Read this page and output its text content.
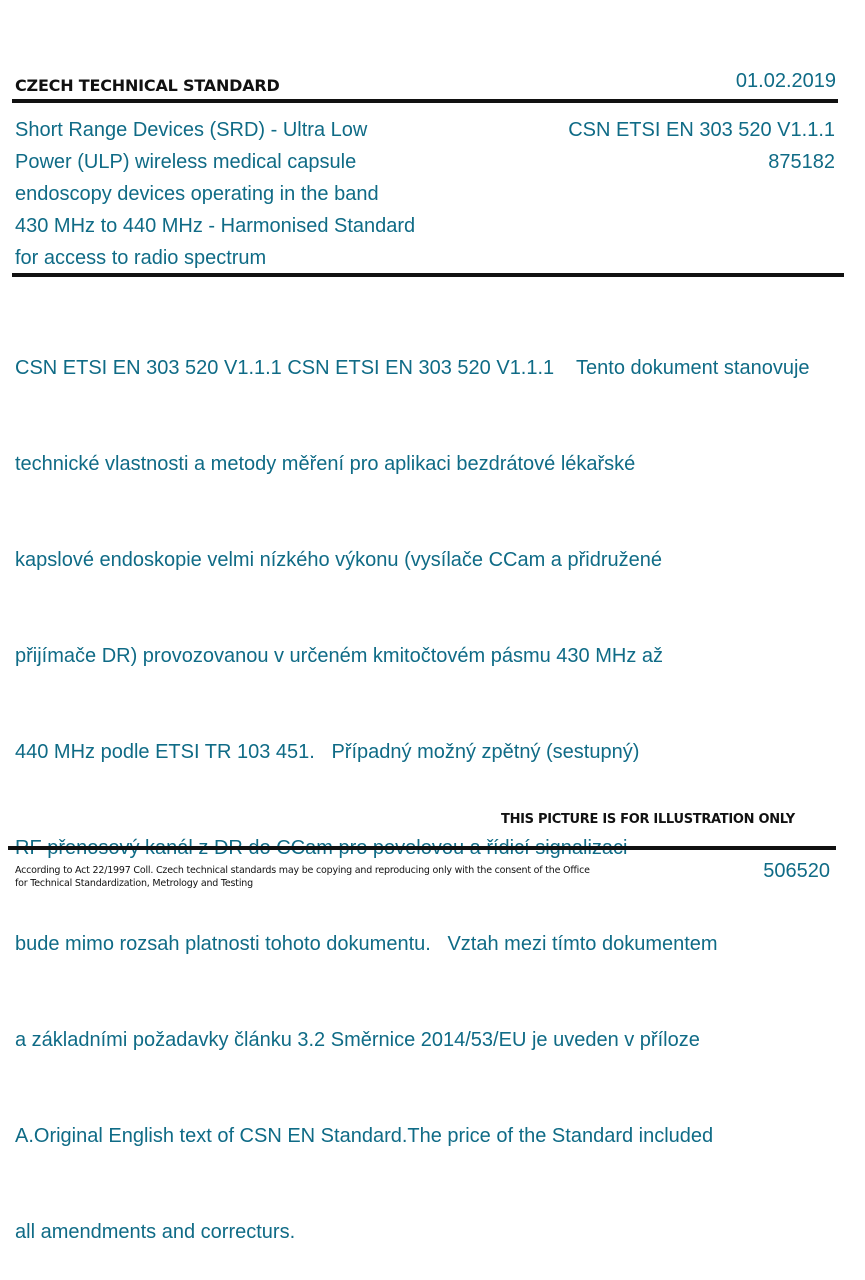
CZECH TECHNICAL STANDARD	01.02.2019
Short Range Devices (SRD) - Ultra Low
Power (ULP) wireless medical capsule
endoscopy devices operating in the band
430 MHz to 440 MHz - Harmonised Standard
for access to radio spectrum
CSN ETSI EN 303 520 V1.1.1
875182

CSN ETSI EN 303 520 V1.1.1 CSN ETSI EN 303 520 V1.1.1    Tento dokument stanovuje

technické vlastnosti a metody měření pro aplikaci bezdrátové lékařské

kapslové endoskopie velmi nízkého výkonu (vysílače CCam a přidružené

přijímače DR) provozovanou v určeném kmitočtovém pásmu 430 MHz až

440 MHz podle ETSI TR 103 451.   Případný možný zpětný (sestupný)

bude mimo rozsah platnosti tohoto dokumentu.   Vztah mezi tímto dokumentem

a základními požadavky článku 3.2 Směrnice 2014/53/EU je uveden v příloze

A.Original English text of CSN EN Standard.The price of the Standard included

all amendments and correcturs.

THIS PICTURE IS FOR ILLUSTRATION ONLY
According to Act 22/1997 Coll. Czech technical standards may be copying and reproducing only with the consent of the Office
for Technical Standardization, Metrology and Testing
506520
